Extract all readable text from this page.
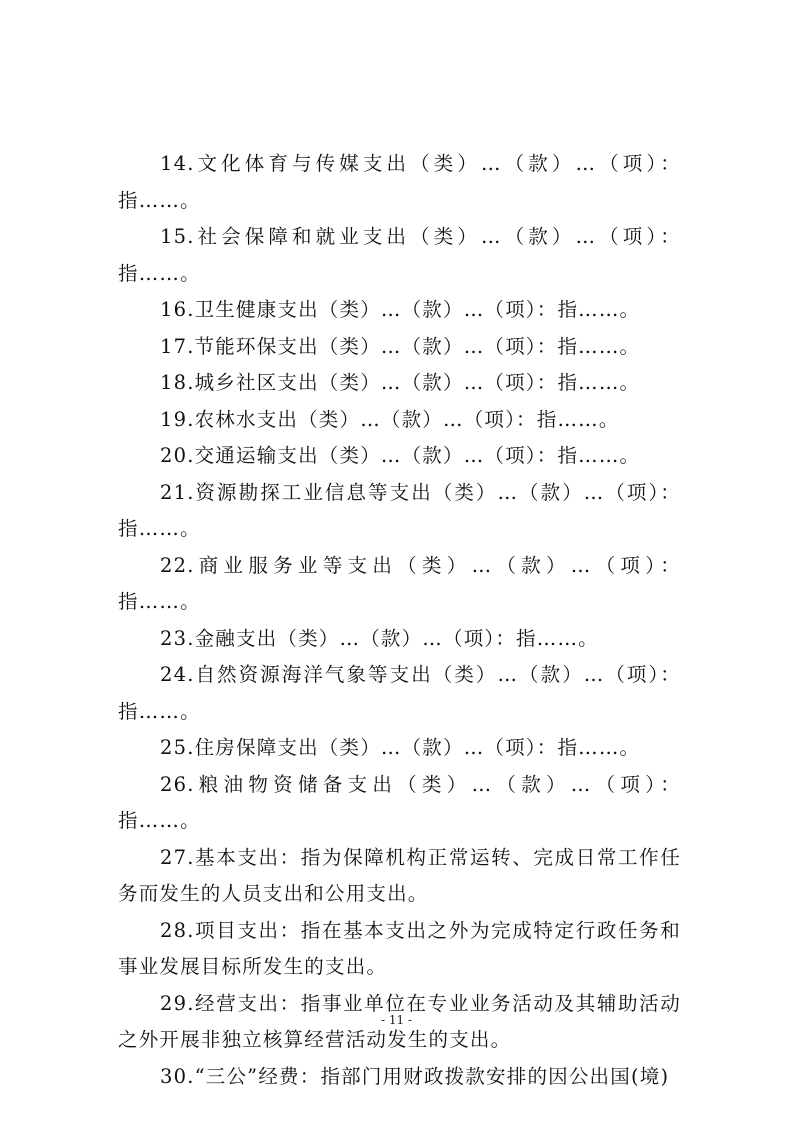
14.文化体育与传媒支出（类）…（款）…（项）：指……。

15.社会保障和就业支出（类）…（款）…（项）：指……。

16.卫生健康支出（类）…（款）…（项）：指……。

17.节能环保支出（类）…（款）…（项）：指……。

18.城乡社区支出（类）…（款）…（项）：指……。

19.农林水支出（类）…（款）…（项）：指……。

20.交通运输支出（类）…（款）…（项）：指……。

21.资源勘探工业信息等支出（类）…（款）…（项）：指……。

22.商业服务业等支出（类）…（款）…（项）：指……。

23.金融支出（类）…（款）…（项）：指……。

24.自然资源海洋气象等支出（类）…（款）…（项）：指……。

25.住房保障支出（类）…（款）…（项）：指……。

26.粮油物资储备支出（类）…（款）…（项）：指……。

27.基本支出：指为保障机构正常运转、完成日常工作任务而发生的人员支出和公用支出。

28.项目支出：指在基本支出之外为完成特定行政任务和事业发展目标所发生的支出。

29.经营支出：指事业单位在专业业务活动及其辅助活动之外开展非独立核算经营活动发生的支出。

30.“三公”经费：指部门用财政拨款安排的因公出国(境)

- 11 -
